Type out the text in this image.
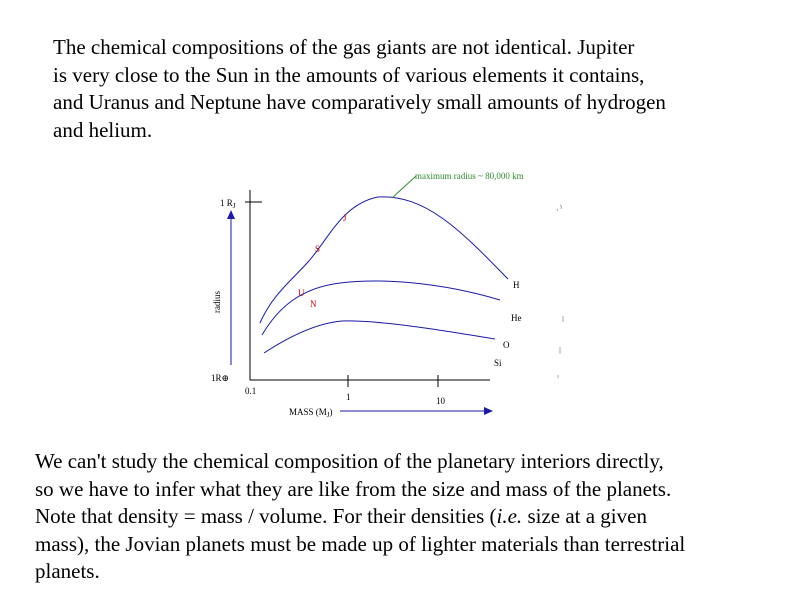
The chemical compositions of the gas giants are not identical. Jupiter
is very close to the Sun in the amounts of various elements it contains,
and Uranus and Neptune have comparatively small amounts of hydrogen
and helium.

1 $R_J$
1R⊕
radius
0.1
1	10
MASS $(M_J)$
J
S
U
N
H
He
O
Si
maximum radius ~ 80,000 km

We can't study the chemical composition of the planetary interiors directly,
so we have to infer what they are like from the size and mass of the planets.
Note that density = mass / volume. For their densities (i.e. size at a given
mass), the Jovian planets must be made up of lighter materials than terrestrial
planets.
